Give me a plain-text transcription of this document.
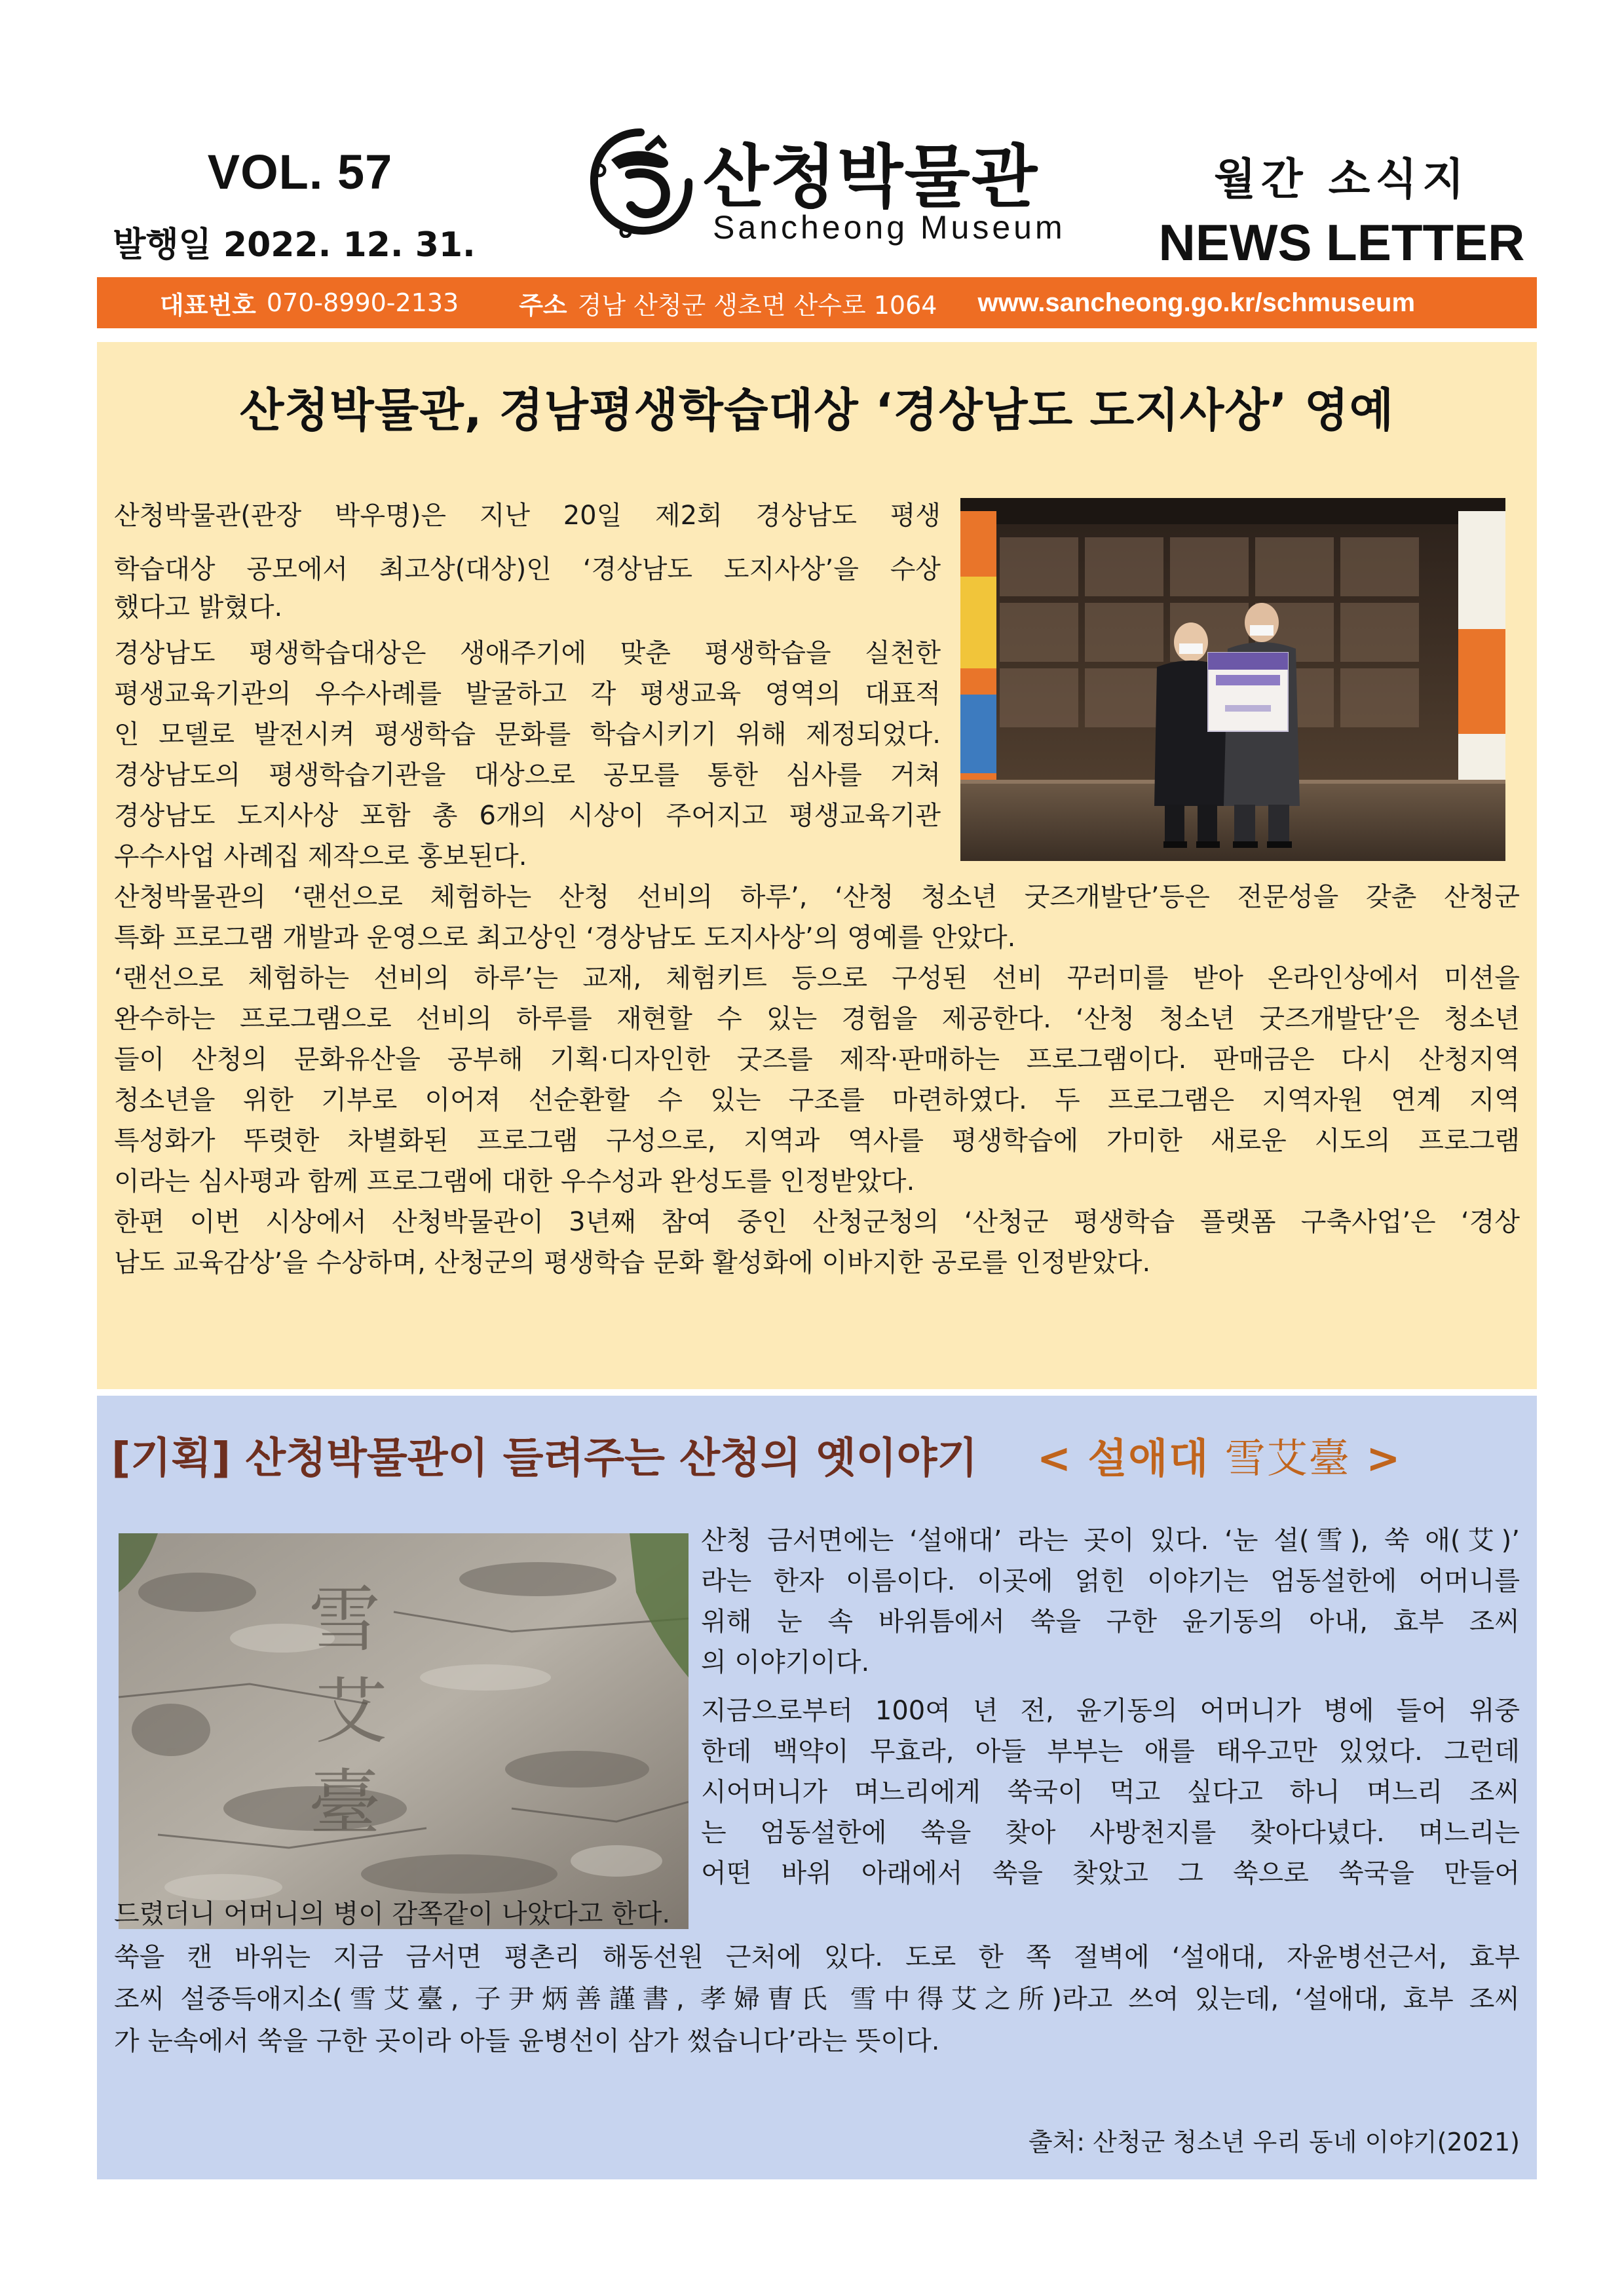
VOL. 57
발행일 2022. 12. 31.
산청박물관
Sancheong Museum
월간 소식지
NEWS LETTER
대표번호 070-8990-2133 주소 경남 산청군 생초면 산수로 1064 www.sancheong.go.kr/schmuseum
산청박물관, 경남평생학습대상 ‘경상남도 도지사상’ 영예
산청박물관(관장 박우명)은 지난 20일 제2회 경상남도 평생
학습대상 공모에서 최고상(대상)인 ‘경상남도 도지사상’을 수상
했다고 밝혔다.
경상남도 평생학습대상은 생애주기에 맞춘 평생학습을 실천한
평생교육기관의 우수사례를 발굴하고 각 평생교육 영역의 대표적
인 모델로 발전시켜 평생학습 문화를 학습시키기 위해 제정되었다.
경상남도의 평생학습기관을 대상으로 공모를 통한 심사를 거쳐
경상남도 도지사상 포함 총 6개의 시상이 주어지고 평생교육기관
우수사업 사례집 제작으로 홍보된다.
산청박물관의 ‘랜선으로 체험하는 산청 선비의 하루’, ‘산청 청소년 굿즈개발단’등은 전문성을 갖춘 산청군
특화 프로그램 개발과 운영으로 최고상인 ‘경상남도 도지사상’의 영예를 안았다.
‘랜선으로 체험하는 선비의 하루’는 교재, 체험키트 등으로 구성된 선비 꾸러미를 받아 온라인상에서 미션을
완수하는 프로그램으로 선비의 하루를 재현할 수 있는 경험을 제공한다. ‘산청 청소년 굿즈개발단’은 청소년
들이 산청의 문화유산을 공부해 기획·디자인한 굿즈를 제작·판매하는 프로그램이다. 판매금은 다시 산청지역
청소년을 위한 기부로 이어져 선순환할 수 있는 구조를 마련하였다. 두 프로그램은 지역자원 연계 지역
특성화가 뚜렷한 차별화된 프로그램 구성으로, 지역과 역사를 평생학습에 가미한 새로운 시도의 프로그램
이라는 심사평과 함께 프로그램에 대한 우수성과 완성도를 인정받았다.
한편 이번 시상에서 산청박물관이 3년째 참여 중인 산청군청의 ‘산청군 평생학습 플랫폼 구축사업’은 ‘경상
남도 교육감상’을 수상하며, 산청군의 평생학습 문화 활성화에 이바지한 공로를 인정받았다.
[기획] 산청박물관이 들려주는 산청의 옛이야기 < 설애대 雪艾臺 >
雪
艾
臺
산청 금서면에는 ‘설애대’ 라는 곳이 있다. ‘눈 설(雪), 쑥 애(艾)’
라는 한자 이름이다. 이곳에 얽힌 이야기는 엄동설한에 어머니를
위해 눈 속 바위틈에서 쑥을 구한 윤기동의 아내, 효부 조씨
의 이야기이다.
지금으로부터 100여 년 전, 윤기동의 어머니가 병에 들어 위중
한데 백약이 무효라, 아들 부부는 애를 태우고만 있었다. 그런데
시어머니가 며느리에게 쑥국이 먹고 싶다고 하니 며느리 조씨
는 엄동설한에 쑥을 찾아 사방천지를 찾아다녔다. 며느리는
어떤 바위 아래에서 쑥을 찾았고 그 쑥으로 쑥국을 만들어
드렸더니 어머니의 병이 감쪽같이 나았다고 한다.
쑥을 캔 바위는 지금 금서면 평촌리 해동선원 근처에 있다. 도로 한 쪽 절벽에 ‘설애대, 자윤병선근서, 효부
조씨 설중득애지소(雪艾臺, 子尹炳善謹書, 孝婦曺氏 雪中得艾之所)라고 쓰여 있는데, ‘설애대, 효부 조씨
가 눈속에서 쑥을 구한 곳이라 아들 윤병선이 삼가 썼습니다’라는 뜻이다.
출처: 산청군 청소년 우리 동네 이야기(2021)
